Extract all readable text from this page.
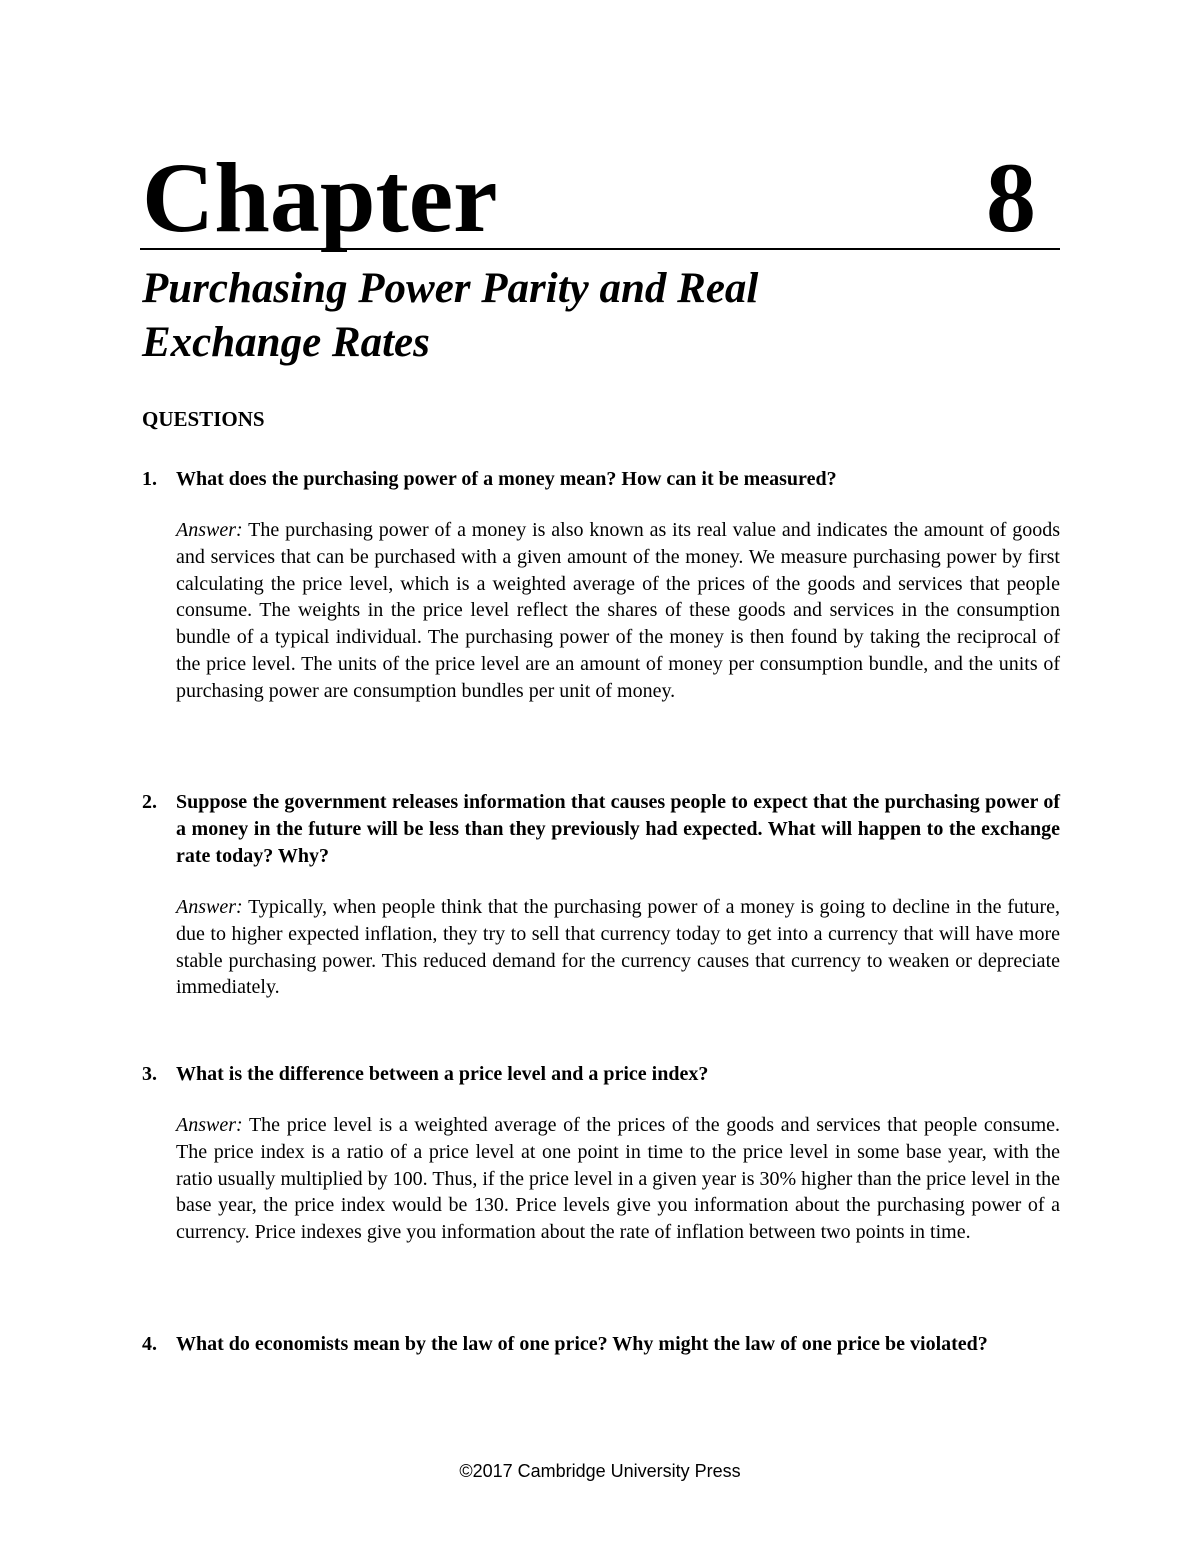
Chapter	8
Purchasing Power Parity and Real
Exchange Rates
QUESTIONS
1. What does the purchasing power of a money mean? How can it be measured?
Answer: The purchasing power of a money is also known as its real value and indicates the amount of goods and services that can be purchased with a given amount of the money. We measure purchasing power by first calculating the price level, which is a weighted average of the prices of the goods and services that people consume. The weights in the price level reflect the shares of these goods and services in the consumption bundle of a typical individual. The purchasing power of the money is then found by taking the reciprocal of the price level. The units of the price level are an amount of money per consumption bundle, and the units of purchasing power are consumption bundles per unit of money.
2. Suppose the government releases information that causes people to expect that the purchasing power of a money in the future will be less than they previously had expected. What will happen to the exchange rate today? Why?
Answer: Typically, when people think that the purchasing power of a money is going to decline in the future, due to higher expected inflation, they try to sell that currency today to get into a currency that will have more stable purchasing power. This reduced demand for the currency causes that currency to weaken or depreciate immediately.
3. What is the difference between a price level and a price index?
Answer: The price level is a weighted average of the prices of the goods and services that people consume. The price index is a ratio of a price level at one point in time to the price level in some base year, with the ratio usually multiplied by 100. Thus, if the price level in a given year is 30% higher than the price level in the base year, the price index would be 130. Price levels give you information about the purchasing power of a currency. Price indexes give you information about the rate of inflation between two points in time.
4. What do economists mean by the law of one price? Why might the law of one price be violated?
©2017 Cambridge University Press
